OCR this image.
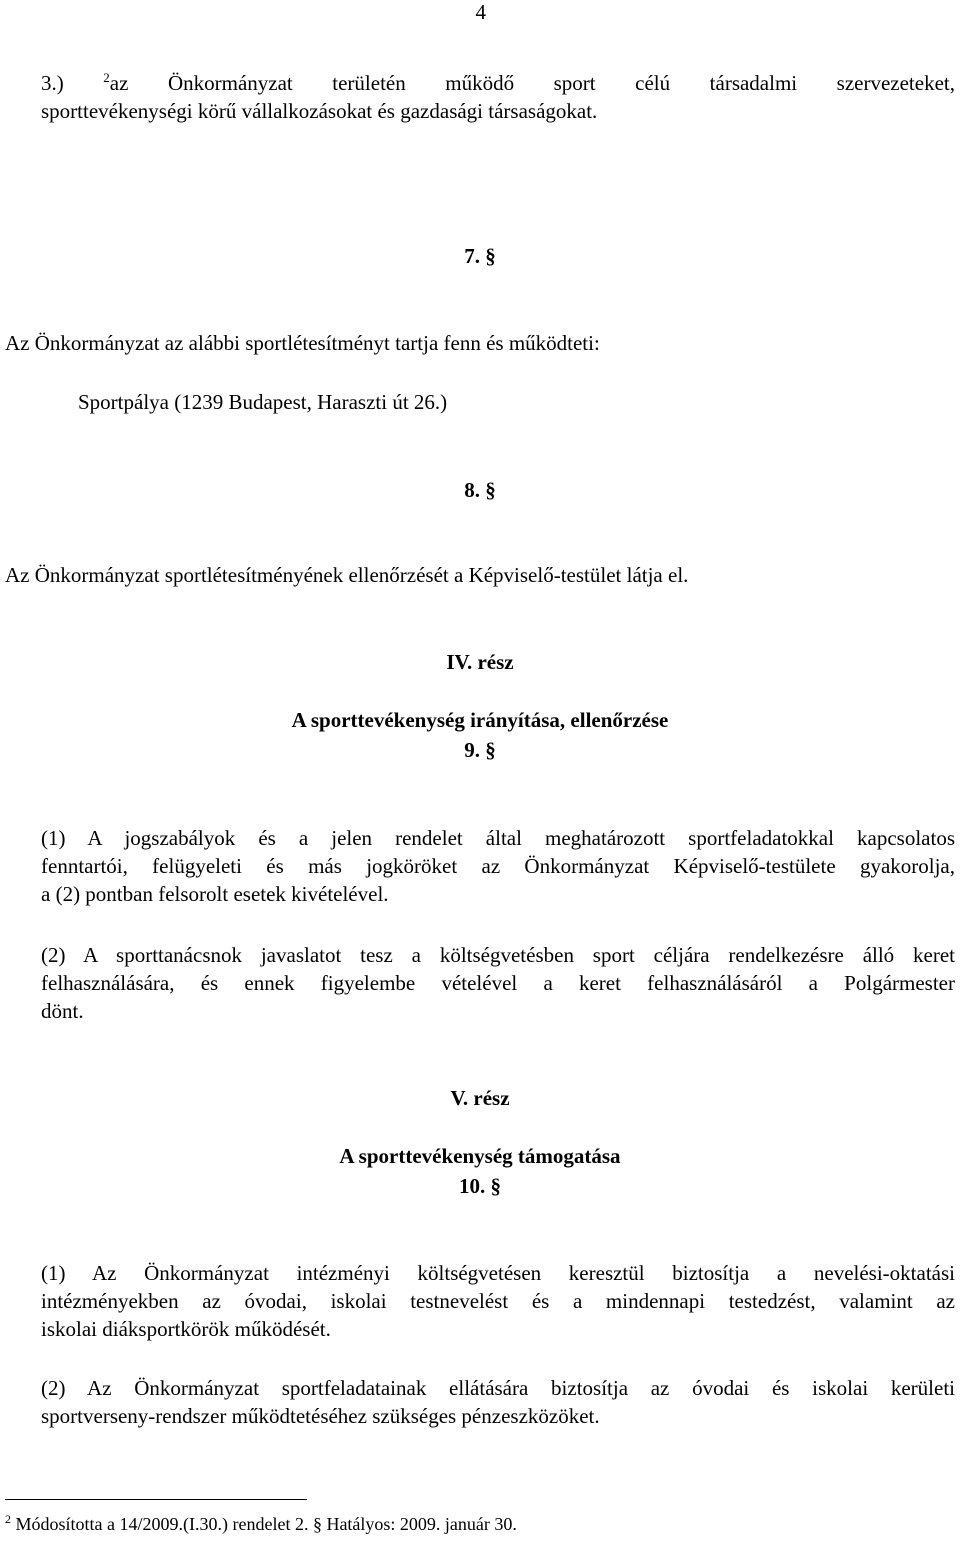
4
3.)	$^2$az Önkormányzat területén működő sport célú társadalmi szervezeteket,
sporttevékenységi körű vállalkozásokat és gazdasági társaságokat.
7. §
Az Önkormányzat az alábbi sportlétesítményt tartja fenn és működteti:
Sportpálya (1239 Budapest, Haraszti út 26.)
8. §
Az Önkormányzat sportlétesítményének ellenőrzését a Képviselő-testület látja el.
IV. rész
A sporttevékenység irányítása, ellenőrzése
9. §
(1) A jogszabályok és a jelen rendelet által meghatározott sportfeladatokkal kapcsolatos
fenntartói, felügyeleti és más jogköröket az Önkormányzat Képviselő-testülete gyakorolja,
a (2) pontban felsorolt esetek kivételével.
(2) A sporttanácsnok javaslatot tesz a költségvetésben sport céljára rendelkezésre álló keret
felhasználására, és ennek figyelembe vételével a keret felhasználásáról a Polgármester
dönt.
V. rész
A sporttevékenység támogatása
10. §
(1) Az Önkormányzat intézményi költségvetésen keresztül biztosítja a nevelési-oktatási
intézményekben az óvodai, iskolai testnevelést és a mindennapi testedzést, valamint az
iskolai diáksportkörök működését.
(2) Az Önkormányzat sportfeladatainak ellátására biztosítja az óvodai és iskolai kerületi
sportverseny-rendszer működtetéséhez szükséges pénzeszközöket.
$^2$ Módosította a 14/2009.(I.30.) rendelet 2. § Hatályos: 2009. január 30.
